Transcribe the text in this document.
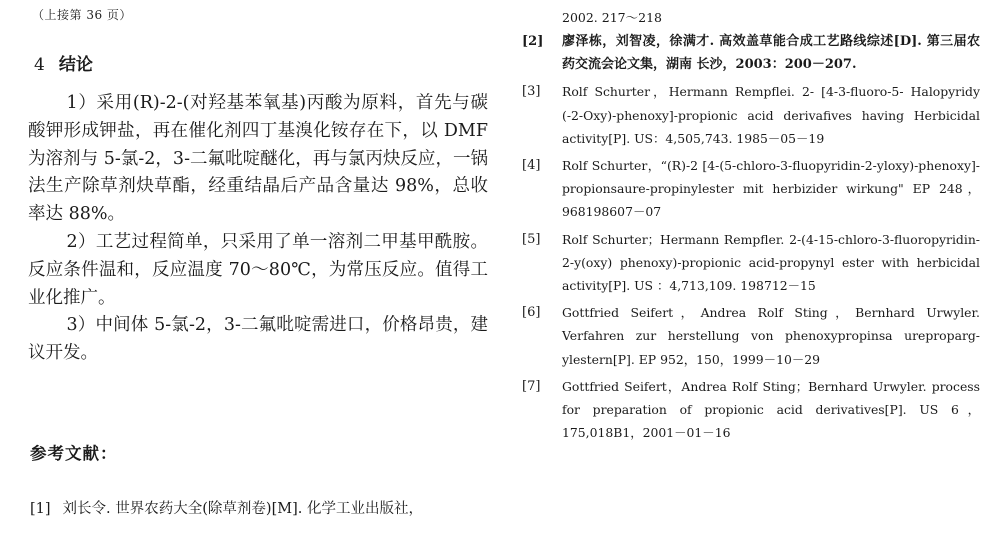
（上接第 36 页）
4 结论

1）采用(R)-2-(对羟基苯氧基)丙酸为原料，首先与碳酸钾形成钾盐，再在催化剂四丁基溴化铵存在下，以 DMF 为溶剂与 5-氯-2，3-二氟吡啶醚化，再与氯丙炔反应，一锅法生产除草剂炔草酯，经重结晶后产品含量达 98%，总收率达 88%。

2）工艺过程简单，只采用了单一溶剂二甲基甲酰胺。反应条件温和，反应温度 70～80℃，为常压反应。值得工业化推广。

3）中间体 5-氯-2，3-二氟吡啶需进口，价格昂贵，建议开发。

参考文献：
[1] 刘长令. 世界农药大全(除草剂卷)[M]. 化学工业出版社，
2002. 217～218
[2] 廖泽栋，刘智凌，徐满才. 高效盖草能合成工艺路线综述[D]. 第三届农药交流会论文集，湖南 长沙，2003：200－207.
[3] Rolf Schurter，Hermann Rempflei. 2- [4-3-fluoro-5- Halopyridy (-2-Oxy)-phenoxy]-propionic acid derivafives having Herbicidal activity[P]. US：4,505,743. 1985－05－19
[4] Rolf Schurter，“(R)-2 [4-(5-chloro-3-fluopyridin-2-yloxy)-phenoxy]- propionsaure-propinylester mit herbizider wirkung" EP 248，968198607－07
[5] Rolf Schurter；Hermann Rempfler. 2-(4-15-chloro-3-fluoropyridin-2-y(oxy) phenoxy)-propionic acid-propynyl ester with herbicidal activity[P]. US ：4,713,109. 198712－15
[6] Gottfried Seifert，Andrea Rolf Sting，Bernhard Urwyler. Verfahren zur herstellung von phenoxypropinsa ureproparg-ylestern[P]. EP 952，150，1999－10－29
[7] Gottfried Seifert，Andrea Rolf Sting；Bernhard Urwyler. process for preparation of propionic acid derivatives[P]. US 6，175,018B1，2001－01－16
